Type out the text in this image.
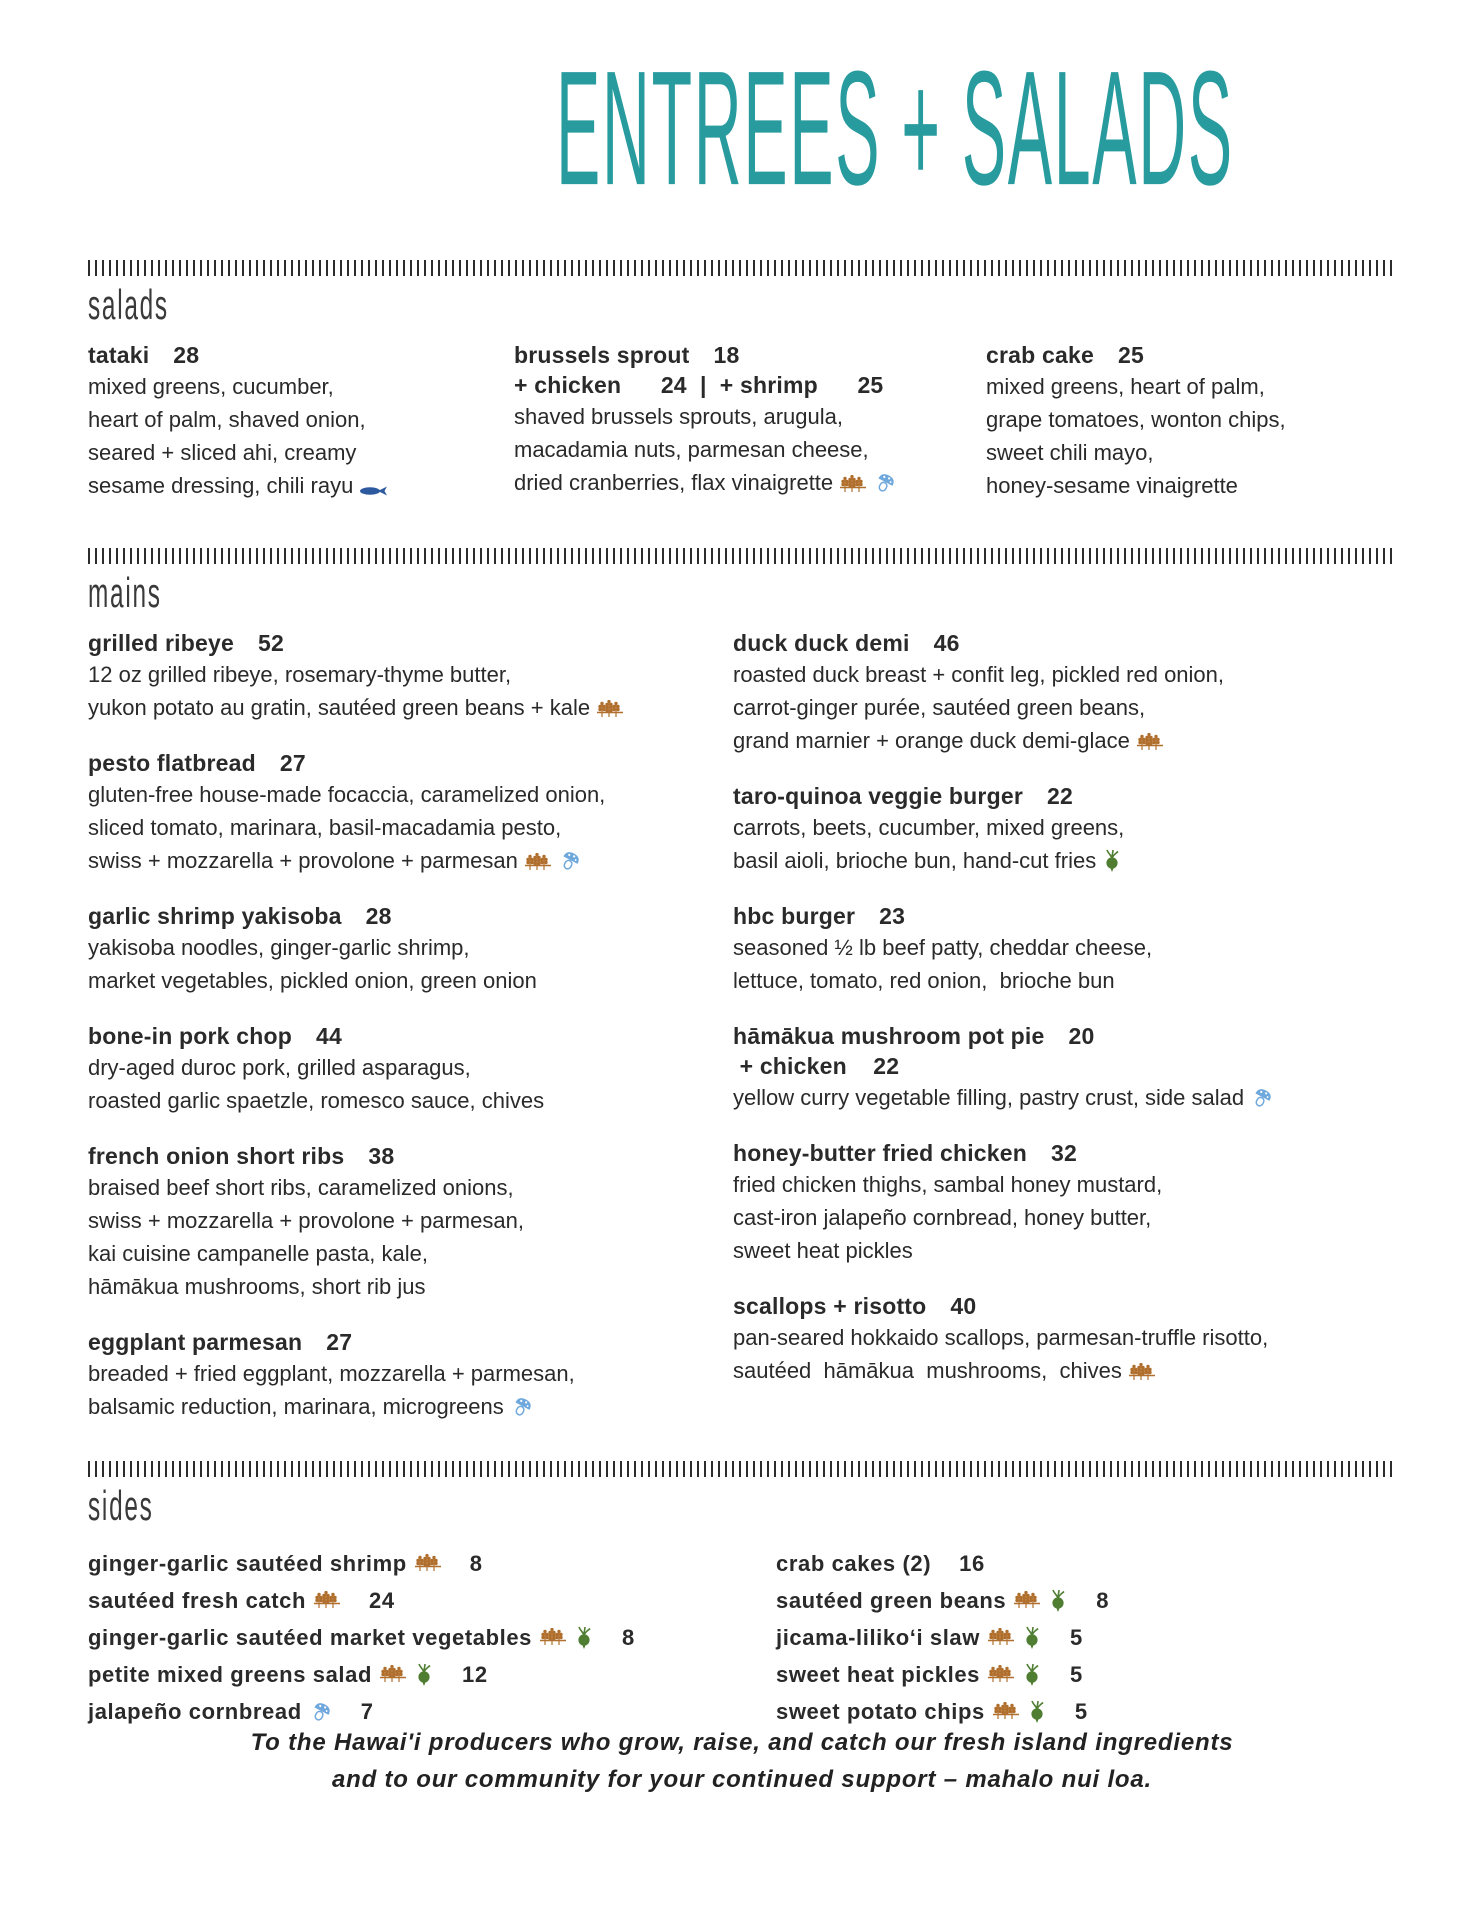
ENTREES + SALADS
salads
tataki 28
mixed greens, cucumber,
heart of palm, shaved onion,
seared + sliced ahi, creamy
sesame dressing, chili rayu
brussels sprout 18
+ chicken      24  |  + shrimp      25
shaved brussels sprouts, arugula,
macadamia nuts, parmesan cheese,
dried cranberries, flax vinaigrette
crab cake 25
mixed greens, heart of palm,
grape tomatoes, wonton chips,
sweet chili mayo,
honey-sesame vinaigrette
mains
grilled ribeye 52
12 oz grilled ribeye, rosemary-thyme butter,
yukon potato au gratin, sautéed green beans + kale
pesto flatbread 27
gluten-free house-made focaccia, caramelized onion,
sliced tomato, marinara, basil-macadamia pesto,
swiss + mozzarella + provolone + parmesan
garlic shrimp yakisoba 28
yakisoba noodles, ginger-garlic shrimp,
market vegetables, pickled onion, green onion
bone-in pork chop 44
dry-aged duroc pork, grilled asparagus,
roasted garlic spaetzle, romesco sauce, chives
french onion short ribs 38
braised beef short ribs, caramelized onions,
swiss + mozzarella + provolone + parmesan,
kai cuisine campanelle pasta, kale,
hāmākua mushrooms, short rib jus
eggplant parmesan 27
breaded + fried eggplant, mozzarella + parmesan,
balsamic reduction, marinara, microgreens
duck duck demi 46
roasted duck breast + confit leg, pickled red onion,
carrot-ginger purée, sautéed green beans,
grand marnier + orange duck demi-glace
taro-quinoa veggie burger 22
carrots, beets, cucumber, mixed greens,
basil aioli, brioche bun, hand-cut fries
hbc burger 23
seasoned ½ lb beef patty, cheddar cheese,
lettuce, tomato, red onion,  brioche bun
hāmākua mushroom pot pie 20
+ chicken    22
yellow curry vegetable filling, pastry crust, side salad
honey-butter fried chicken 32
fried chicken thighs, sambal honey mustard,
cast-iron jalapeño cornbread, honey butter,
sweet heat pickles
scallops + risotto 40
pan-seared hokkaido scallops, parmesan-truffle risotto,
sautéed  hāmākua  mushrooms,  chives
sides
ginger-garlic sautéed shrimp	8
sautéed fresh catch	24
ginger-garlic sautéed market vegetables	8
petite mixed greens salad	12
jalapeño cornbread	7
crab cakes (2) 16
sautéed green beans	8
jicama-lilikoʻi slaw	5
sweet heat pickles	5
sweet potato chips	5
To the Hawai'i producers who grow, raise, and catch our fresh island ingredients
and to our community for your continued support – mahalo nui loa.
